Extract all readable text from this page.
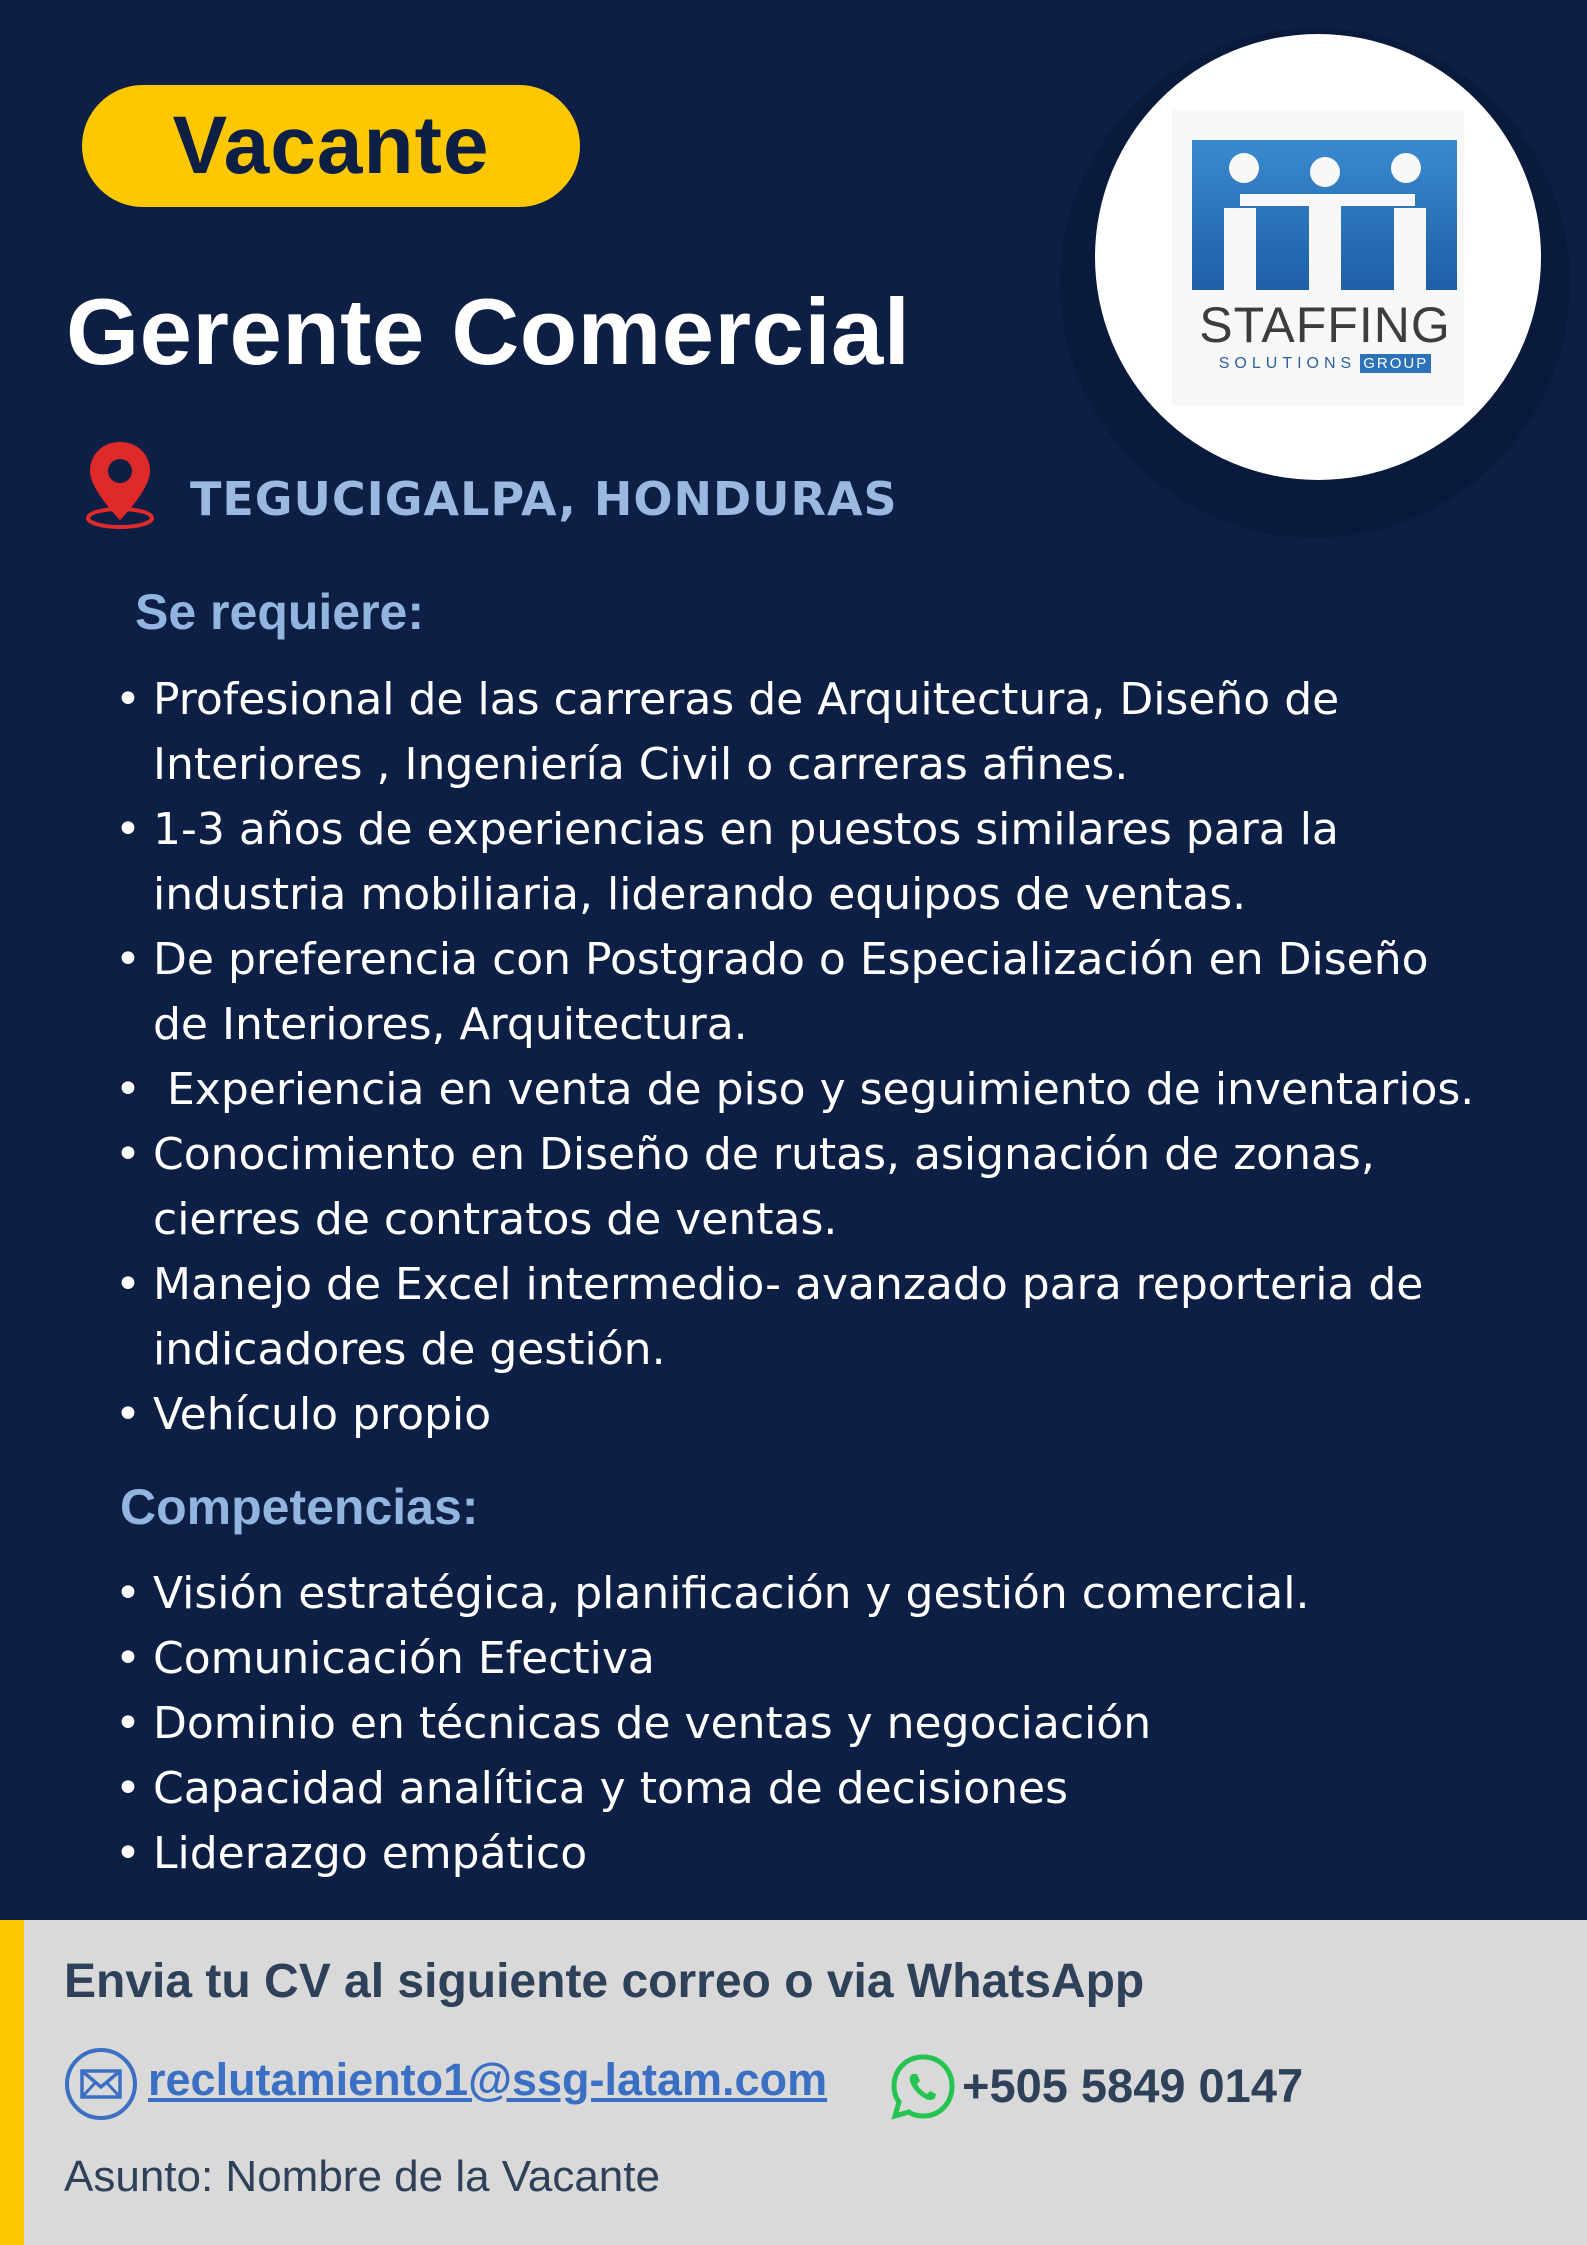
Vacante
Gerente Comercial	STAFFING
SOLUTIONS GROUP
TEGUCIGALPA, HONDURAS
Se requiere:
• Profesional de las carreras de Arquitectura, Diseño de
Interiores , Ingeniería Civil o carreras afines.
• 1-3 años de experiencias en puestos similares para la
industria mobiliaria, liderando equipos de ventas.
• De preferencia con Postgrado o Especialización en Diseño
de Interiores, Arquitectura.
•  Experiencia en venta de piso y seguimiento de inventarios.
• Conocimiento en Diseño de rutas, asignación de zonas,
cierres de contratos de ventas.
• Manejo de Excel intermedio- avanzado para reporteria de
indicadores de gestión.
• Vehículo propio
Competencias:
• Visión estratégica, planificación y gestión comercial.
• Comunicación Efectiva
• Dominio en técnicas de ventas y negociación
• Capacidad analítica y toma de decisiones
• Liderazgo empático
Envia tu CV al siguiente correo o via WhatsApp
reclutamiento1@ssg-latam.com	+505 5849 0147
Asunto: Nombre de la Vacante
